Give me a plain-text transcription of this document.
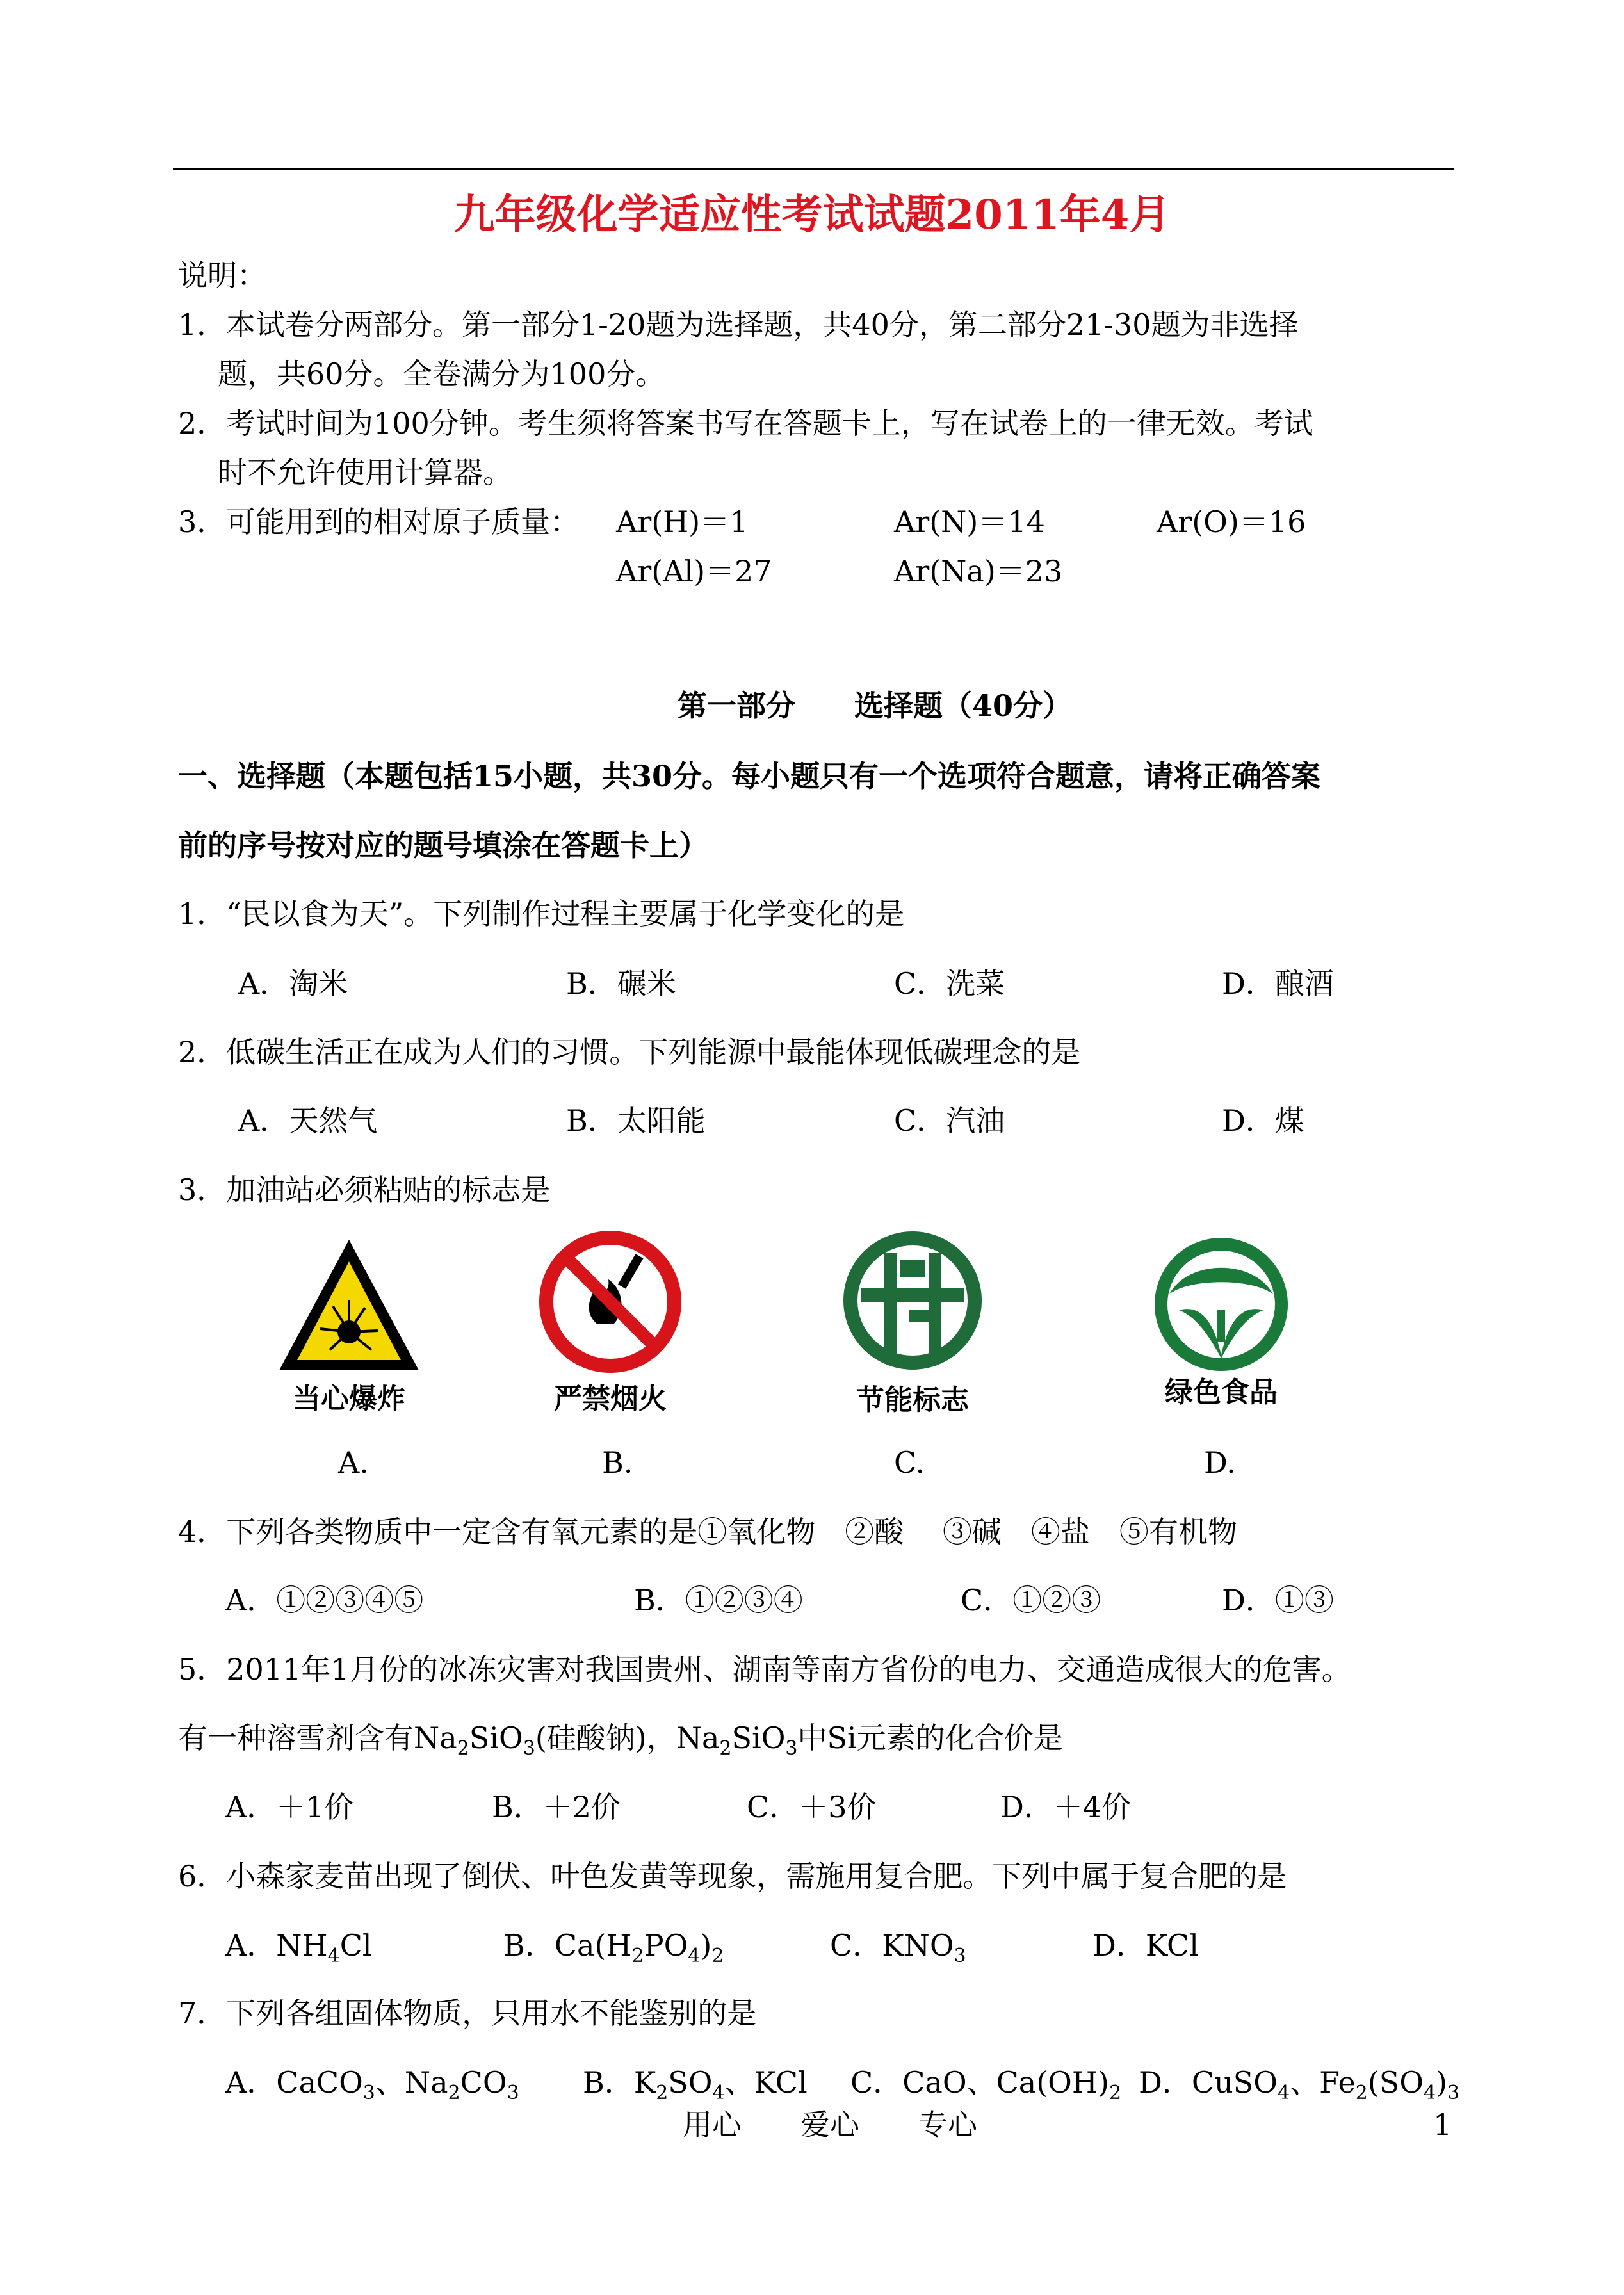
九年级化学适应性考试试题2011年4月
说明：
1． 本试卷分两部分。第一部分1-20题为选择题，共40分，第二部分21-30题为非选择
题，共60分。全卷满分为100分。
2． 考试时间为100分钟。考生须将答案书写在答题卡上，写在试卷上的一律无效。考试
时不允许使用计算器。
3． 可能用到的相对原子质量： Ar(H)＝1	Ar(N)＝14	Ar(O)＝16
Ar(Al)＝27	Ar(Na)＝23
第一部分　　选择题（40分）
一、选择题（本题包括15小题，共30分。每小题只有一个选项符合题意，请将正确答案
前的序号按对应的题号填涂在答题卡上）
1．“民以食为天”。下列制作过程主要属于化学变化的是
A．淘米	B．碾米	C．洗菜	D．酿酒
2．低碳生活正在成为人们的习惯。下列能源中最能体现低碳理念的是
A．天然气	B．太阳能	C．汽油	D．煤
3．加油站必须粘贴的标志是
当心爆炸	严禁烟火	节能标志	绿色食品
A.	B.	C.	D.
4．下列各类物质中一定含有氧元素的是①氧化物　②酸　 ③碱　④盐　⑤有机物
A．①②③④⑤	B．①②③④	C．①②③	D．①③
5．2011年1月份的冰冻灾害对我国贵州、湖南等南方省份的电力、交通造成很大的危害。
有一种溶雪剂含有$Na_2SiO_3$(硅酸钠)，$Na_2SiO_3$中Si元素的化合价是
A．＋1价	B．＋2价	C．＋3价	D．＋4价
6．小森家麦苗出现了倒伏、叶色发黄等现象，需施用复合肥。下列中属于复合肥的是
A．$NH_4Cl$	B．$Ca(H_2PO_4)_2$	C．$KNO_3$	D．KCl
7．下列各组固体物质，只用水不能鉴别的是
A．CaCO$_3$、$Na_2CO_3$ B．$K_2SO_4$、KCl C．CaO、$Ca(OH)_2$ D．CuSO$_4$、$Fe_2(SO_4)_3$
用心　　爱心　　专心	1
